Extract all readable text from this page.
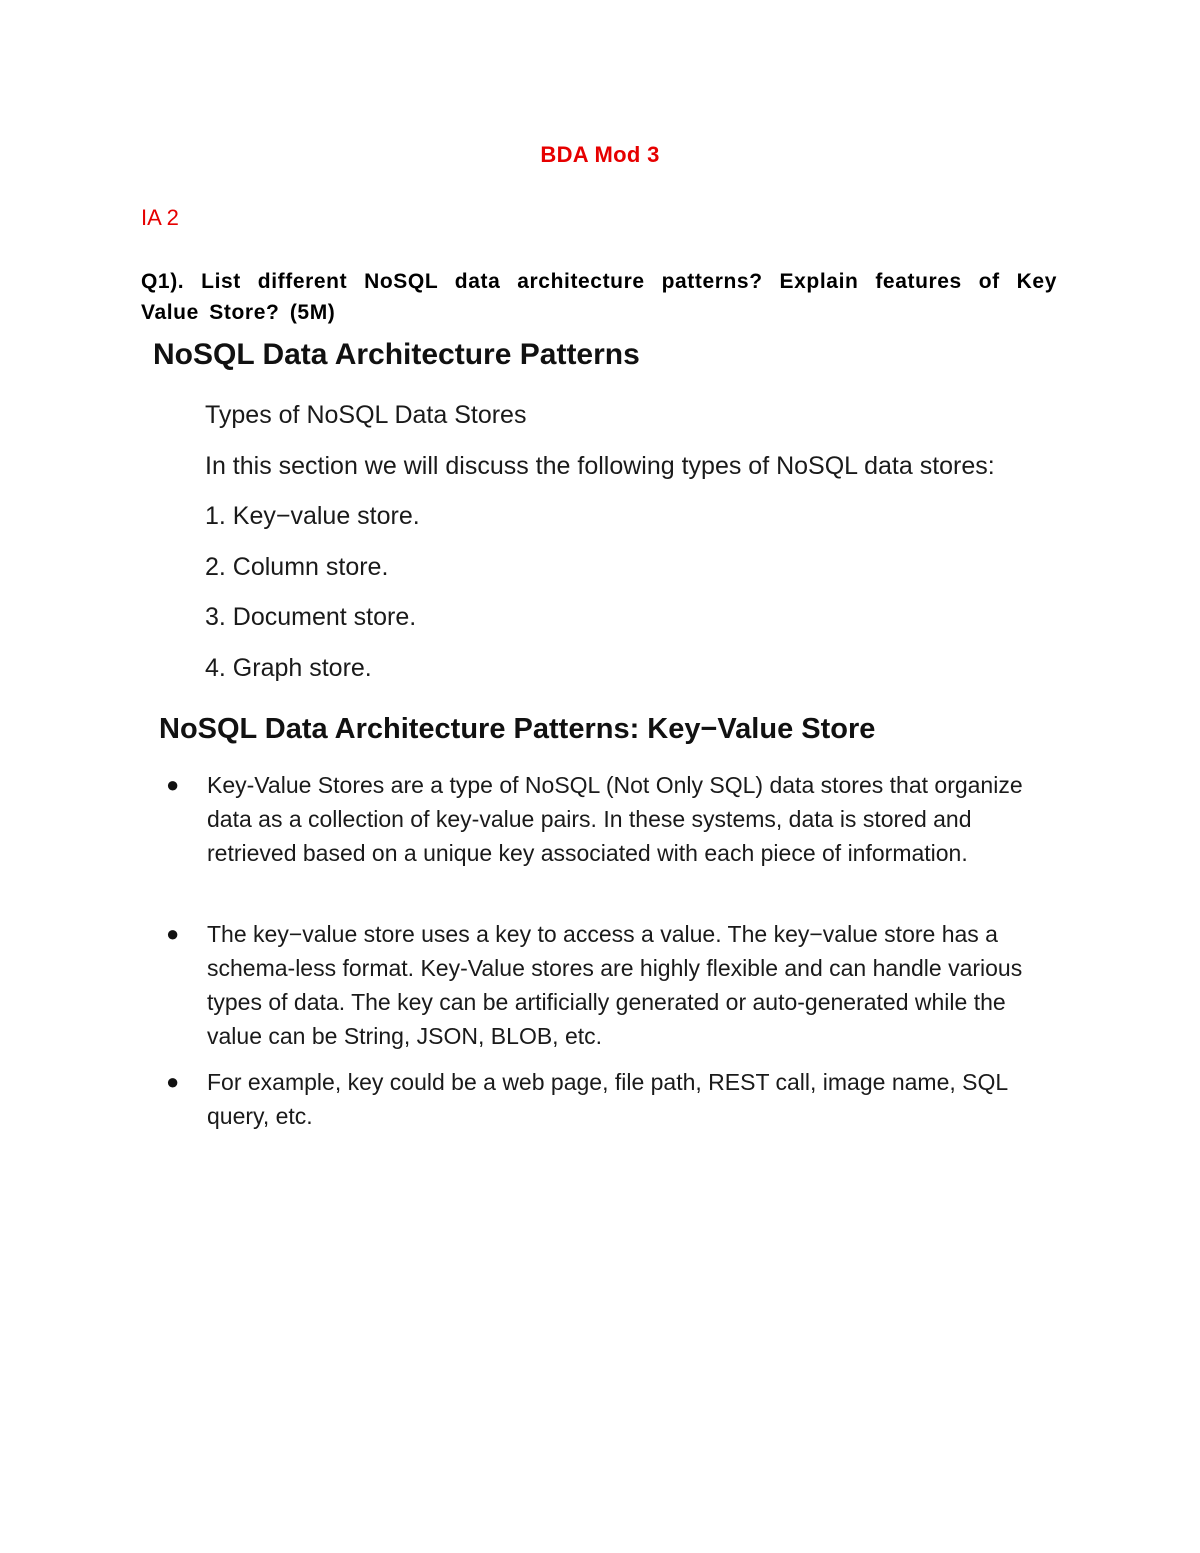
BDA Mod 3
IA 2
Q1). List different NoSQL data architecture patterns? Explain features of Key Value Store? (5M)
NoSQL Data Architecture Patterns
Types of NoSQL Data Stores
In this section we will discuss the following types of NoSQL data stores:
1. Key−value store.
2. Column store.
3. Document store.
4. Graph store.
NoSQL Data Architecture Patterns: Key−Value Store
● Key-Value Stores are a type of NoSQL (Not Only SQL) data stores that organize data as a collection of key-value pairs. In these systems, data is stored and retrieved based on a unique key associated with each piece of information.
● The key−value store uses a key to access a value. The key−value store has a schema-less format. Key-Value stores are highly flexible and can handle various types of data. The key can be artificially generated or auto-generated while the value can be String, JSON, BLOB, etc.
● For example, key could be a web page, file path, REST call, image name, SQL query, etc.
